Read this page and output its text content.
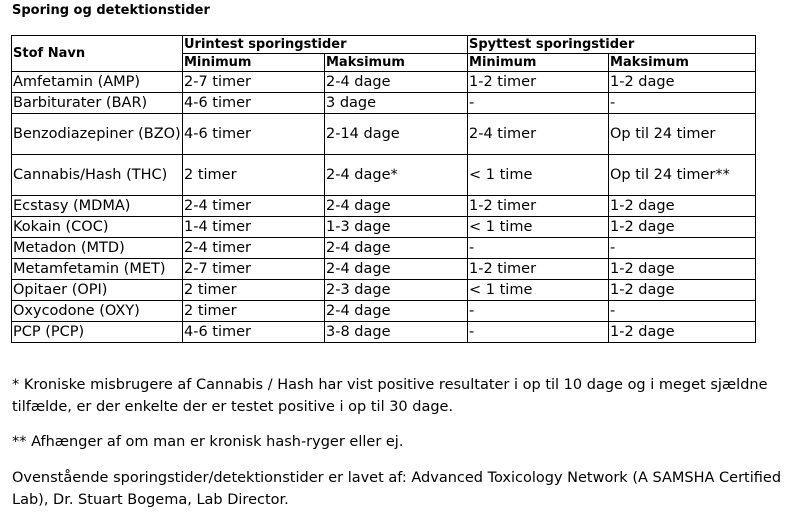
Sporing og detektionstider
Stof Navn	Urintest sporingstider		Spyttest sporingstider	
	Minimum	Maksimum	Minimum	Maksimum
Amfetamin (AMP)	2-7 timer	2-4 dage	1-2 timer	1-2 dage
Barbiturater (BAR)	4-6 timer	3 dage	-	-
Benzodiazepiner (BZO)	4-6 timer	2-14 dage	2-4 timer	Op til 24 timer
Cannabis/Hash (THC)	2 timer	2-4 dage*	< 1 time	Op til 24 timer**
Ecstasy (MDMA)	2-4 timer	2-4 dage	1-2 timer	1-2 dage
Kokain (COC)	1-4 timer	1-3 dage	< 1 time	1-2 dage
Metadon (MTD)	2-4 timer	2-4 dage	-	-
Metamfetamin (MET)	2-7 timer	2-4 dage	1-2 timer	1-2 dage
Opitaer (OPI)	2 timer	2-3 dage	< 1 time	1-2 dage
Oxycodone (OXY)	2 timer	2-4 dage	-	-
PCP (PCP)	4-6 timer	3-8 dage	-	1-2 dage
* Kroniske misbrugere af Cannabis / Hash har vist positive resultater i op til 10 dage og i meget sjældne tilfælde, er der enkelte der er testet positive i op til 30 dage.
** Afhænger af om man er kronisk hash-ryger eller ej.
Ovenstående sporingstider/detektionstider er lavet af: Advanced Toxicology Network (A SAMSHA Certified Lab), Dr. Stuart Bogema, Lab Director.
